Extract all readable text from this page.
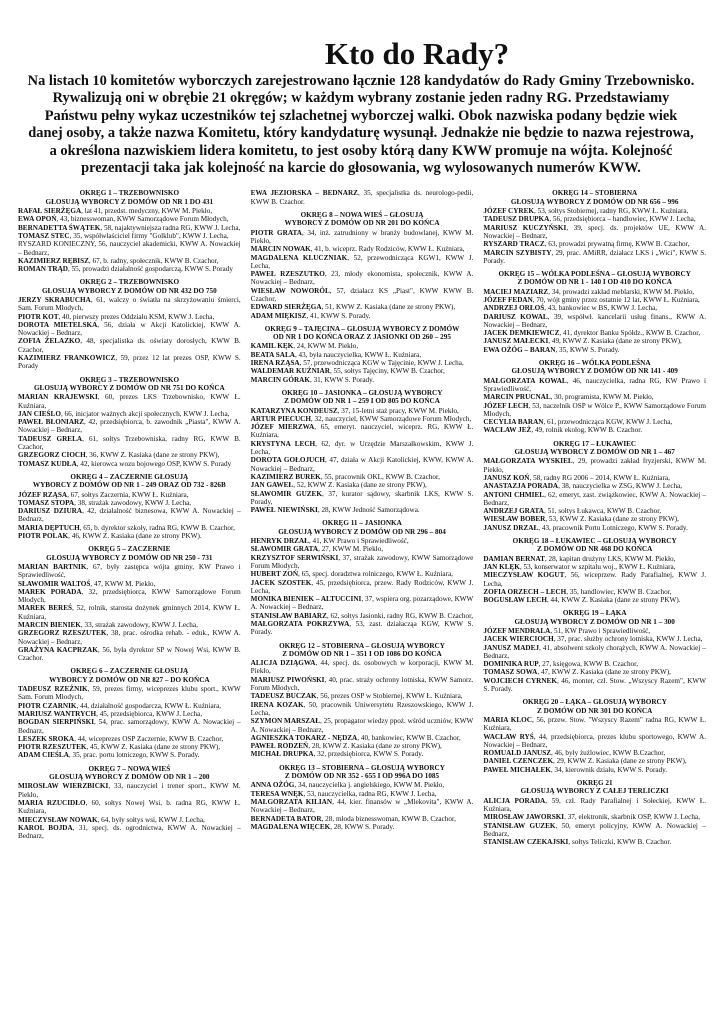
Kto do Rady?
Na listach 10 komitetów wyborczych zarejestrowano łącznie 128 kandydatów do Rady Gminy Trzebownisko. Rywalizują oni w obrębie 21 okręgów; w każdym wybrany zostanie jeden radny RG. Przedstawiamy Państwu pełny wykaz uczestników tej szlachetnej wyborczej walki. Obok nazwiska podany będzie wiek danej osoby, a także nazwa Komitetu, który kandydaturę wysunął. Jednakże nie będzie to nazwa rejestrowa, a określona nazwiskiem lidera komitetu, to jest osoby którą dany KWW promuje na wójta. Kolejność prezentacji taka jak kolejność na karcie do głosowania, wg wylosowanych numerów KWW.
OKRĘG 1 – TRZEBOWNISKO
GŁOSUJĄ WYBORCY Z DOMÓW OD NR 1 DO 431

RAFAŁ SIERŻĘGA, lat 41, przedst. medyczny, KWW M. Piekło,

EWA OPOŃ, 43, biznesswoman, KWW Samorządowe Forum Młodych,

BERNADETTA ŚWĄTEK, 58, najaktywniejsza radna RG, KWW J. Lecha,

TOMASZ STEC, 35, współwłaściciel firmy "Golklub", KWW J. Lecha,

RYSZARD KONIECZNY, 56, nauczyciel akademicki, KWW A. Nowackiej – Bednarz,

KAZIMIERZ RĘBISZ, 67, b. radny, społecznik, KWW B. Czachor,

ROMAN TRĄD, 55, prowadzi działalność gospodarczą, KWW S. Porady

OKRĘG 2 – TRZEBOWNISKO
GŁOSUJĄ WYBORCY Z DOMÓW OD NR 432 DO 750

JERZY SKRABUCHA, 61, walczy o światła na skrzyżowaniu śmierci, Sam. Forum Młodych,

PIOTR KOT, 40, pierwszy prezes Oddziału KSM, KWW J. Lecha,

DOROTA MIETELSKA, 56, działa w Akcji Katolickiej, KWW A. Nowackiej – Bednarz,

ZOFIA ŻELAZKO, 48, specjalistka ds. oświaty dorosłych, KWW B. Czachor,

KAZIMIERZ FRANKOWICZ, 59, przez 12 lat prezes OSP, KWW S. Porady

OKRĘG 3 – TRZEBOWNISKO
GŁOSUJĄ WYBORCY Z DOMÓW OD NR 751 DO KOŃCA

MARIAN KRAJEWSKI, 60, prezes LKS Trzebownisko, KWW Ł. Kuźniara,

JAN CIEŚLO, 66, inicjator ważnych akcji społecznych, KWW J. Lecha,

PAWEŁ BŁONIARZ, 42, przedsiębiorca, b. zawodnik „Piasta", KWW A. Nowackiej – Bednarz,

TADEUSZ GRELA, 61, sołtys Trzebowniska, radny RG, KWW B. Czachor,

GRZEGORZ CIOCH, 36, KWW Z. Kasiaka (dane ze strony PKW),

TOMASZ KUDŁA, 42, kierowca wozu bojowego OSP, KWW S. Porady

OKRĘG 4 – ZACZERNIE GŁOSUJĄ
WYBORCY Z DOMÓW OD NR 1 - 249 ORAZ OD 732 - 826B

JÓZEF RZĄSA, 67, sołtys Zaczernia, KWW Ł. Kuźniara,

TOMASZ STOPA, 38, strażak zawodowy, KWW J. Lecha,

DARIUSZ DZIURA, 42, działalność biznesowa, KWW A. Nowackiej – Bednarz,

MARIA DĘPTUCH, 65, b. dyrektor szkoły, radna RG, KWW B. Czachor,

PIOTR POLAK, 46, KWW Z. Kasiaka (dane ze strony PKW).

OKRĘG 5 – ZACZERNIE
GŁOSUJĄ WYBORCY Z DOMÓW OD NR 250 - 731

MARIAN BARTNIK, 67, były zastępca wójta gminy, KW Prawo i Sprawiedliwość,

SŁAWOMIR WALTOŚ, 47, KWW M. Piekło,

MAREK PORADA, 32, przedsiębiorca, KWW Samorządowe Forum Młodych,

MAREK BEREŚ, 52, rolnik, starosta dożynek gminnych 2014, KWW Ł. Kuźniara,

MARCIN BIENIEK, 33, strażak zawodowy, KWW J. Lecha,

GRZEGORZ RZESZUTEK, 38, prac. ośrodka rehab. - eduk., KWW A. Nowackiej – Bednarz,

GRAŻYNA KACPRZAK, 56, była dyrektor SP w Nowej Wsi, KWW B. Czachor.

OKRĘG 6 – ZACZERNIE GŁOSUJĄ
WYBORCY Z DOMÓW OD NR 827 – DO KOŃCA

TADEUSZ RZEŹNIK, 59, prezes firmy, wiceprezes klubu sport., KWW Sam. Forum Młodych,

PIOTR CZARNIK, 44, działalność gospodarcza, KWW Ł. Kuźniara,

MARIUSZ WANTRYCH, 45, przedsiębiorca, KWW J. Lecha,

BOGDAN SIERPIŃSKI, 54, prac. samorządowy, KWW A. Nowackiej – Bednarz,

LESZEK SROKA, 44, wiceprezes OSP Zaczernie, KWW B. Czachor,

PIOTR RZESZUTEK, 45, KWW Z. Kasiaka (dane ze strony PKW),

ADAM CIEŚLA, 35, prac. portu lotniczego, KWW S. Porady.

OKRĘG 7 – NOWA WIEŚ
GŁOSUJĄ WYBORCY Z DOMÓW OD NR 1 – 200

MIROSŁAW WIERZBICKI, 33, nauczyciel i trener sport., KWW M. Piekło,

MARIA RZUCIDŁO, 60, sołtys Nowej Wsi, b. radna RG, KWW Ł. Kuźniara,

MIECZYSŁAW NOWAK, 64, były sołtys wsi, KWW J. Lecha,

KAROL BOJDA, 31, specj. ds. ogrodnictwa, KWW A. Nowackiej – Bednarz,

EWA JEZIORSKA – BEDNARZ, 35, specjalistka ds. neurologo-pedii, KWW B. Czachor.

OKRĘG 8 – NOWA WIEŚ – GŁOSUJĄ
WYBORCY Z DOMÓW OD NR 201 DO KOŃCA

PIOTR GRATA, 34, inż. zatrudniony w branży budowlanej, KWW M. Piekło,

MARCIN NOWAK, 41, b. wiceprz. Rady Rodziców, KWW Ł. Kuźniara,

MAGDALENA KLUCZNIAK, 52, przewodnicząca KGW1, KWW J. Lecha,

PAWEŁ RZESZUTKO, 23, młody ekonomista, społecznik, KWW A. Nowackiej – Bednarz,

WIESŁAW NOWORÓL, 57, działacz KS „Piast", KWW KWW B. Czachor,

EDWARD SIERŻĘGA, 51, KWW Z. Kasiaka (dane ze strony PKW),

ADAM MIĘKISZ, 41, KWW S. Porady.

OKRĘG 9 – TAJĘCINA – GŁOSUJĄ WYBORCY Z DOMÓW
OD NR 1 DO KOŃCA ORAZ Z JASIONKI OD 260 – 295

KAMIL KĘK, 24, KWW M. Piekło,

BEATA SALA, 43, była nauczycielka, KWW Ł. Kuźniara,

IRENA RZĄSA, 57, przewodnicząca KGW w Tajęcinie, KWW J. Lecha,

WALDEMAR KUŹNIAR, 55, sołtys Tajęciny, KWW B. Czachor,

MARCIN GÓRAK, 31, KWW S. Porady.

OKRĘG 10 – JASIONKA – GŁOSUJĄ WYBORCY
Z DOMÓW OD NR 1 – 259 I OD 805 DO KOŃCA

KATARZYNA KONDEUSZ, 37, 15-letni staż pracy, KWW M. Piekło,

ARTUR PIECUCH, 32, nauczyciel, KWW Samorządowe Forum Młodych,

JÓZEF MIERZWA, 65, emeryt. nauczyciel, wiceprz. RG, KWW Ł. Kuźniara,

KRYSTYNA LECH, 62, dyr. w Urzędzie Marszałkowskim, KWW J. Lecha,

DOROTA GOŁOJUCH, 47, działa w Akcji Katolickiej, KWW, KWW A. Nowackiej – Bednarz,

KAZIMIERZ BUREK, 55, pracownik OKL, KWW B. Czachor,

JAN GAWEŁ, 52, KWW Z. Kasiaka (dane ze strony PKW),

SŁAWOMIR GUZEK, 37, kurator sądowy, skarbnik LKS, KWW S. Porady,

PAWEŁ NIEWIŃSKI, 28, KWW Jedność Samorządowa.

OKRĘG 11 – JASIONKA
GŁOSUJĄ WYBORCY Z DOMÓW OD NR 296 – 804

HENRYK DRZAŁ, 41, KW Prawo i Sprawiedliwość,

SŁAWOMIR GRATA, 27, KWW M. Piekło,

KRZYSZTOF SERWIŃSKI, 37, strażak zawodowy, KWW Samorządowe Forum Młodych,

HUBERT ZOŃ, 65, specj. doradztwa rolniczego, KWW Ł. Kuźniara,

JACEK SZOSTEK, 45, przedsiębiorca, przew. Rady Rodziców, KWW J. Lecha,

MONIKA BIENIEK – ALTUCCINI, 37, wspiera org. pozarządowe, KWW A. Nowackiej – Bednarz,

STANISŁAW BABIARZ, 62, sołtys Jasionki, radny RG, KWW B. Czachor,

MAŁGORZATA POKRZYWA, 53, zast. działacząa KGW, KWW S. Porady.

OKRĘG 12 – STOBIERNA – GŁOSUJĄ WYBORCY
Z DOMÓW OD NR 1 – 351 I OD 1086 DO KOŃCA

ALICJA DZIĄGWA, 44, specj. ds. osobowych w korporacji, KWW M. Piekło,

MARIUSZ PIWOŃSKI, 40, prac. straży ochrony lotniska, KWW Samorz. Forum Młodych,

TADEUSZ BUCZAK, 56, prezes OSP w Stobiernej, KWW Ł. Kuźniara,

IRENA KOZAK, 50, pracownik Uniwersytetu Rzeszowskiego, KWW J. Lecha,

SZYMON MARSZAŁ, 25, propagator wiedzy ppoż. wśród uczniów, KWW A. Nowackiej – Bednarz,

AGNIESZKA TOKARZ - NĘDZA, 40, bankowiec, KWW B. Czachor,

PAWEŁ RODZEŃ, 28, KWW Z. Kasiaka (dane ze strony PKW),

MICHAŁ DRUPKA, 32, przedsiębiorca, KWW S. Porady.

OKRĘG 13 – STOBIERNA – GŁOSUJĄ WYBORCY
Z DOMÓW OD NR 352 - 655 I OD 996A DO 1085

ANNA OŻÓG, 34, nauczycielka j. angielskiego, KWW M. Piekło,

TERESA WNĘK, 53, nauczycielka, radna RG, KWW J. Lecha,

MAŁGORZATA KILIAN, 44, kier. finansów w „Mlekovita", KWW A. Nowackiej – Bednarz,

BERNADETA BATOR, 28, młoda biznesswoman, KWW B. Czachor,

MAGDALENA WIĘCEK, 28, KWW S. Porady.

OKRĘG 14 – STOBIERNA
GŁOSUJĄ WYBORCY Z DOMÓW OD NR 656 – 996

JÓZEF CYREK, 53, sołtys Stobiernej, radny RG, KWW Ł. Kuźniara,

TADEUSZ DRUPKA, 56, przedsiębiorca – handlowiec, KWW J. Lecha,

MARIUSZ KUCZYŃSKI, 39, specj. ds. projektów UE, KWW A. Nowackiej – Bednarz,

RYSZARD TRACZ, 63, prowadzi prywatną firmę, KWW B. Czachor,

MARCIN SZYBISTY, 29, prac. AMiRR, działacz LKS i „Wici", KWW S. Porady.

OKRĘG 15 – WÓLKA PODLEŚNA – GŁOSUJĄ WYBORCY
Z DOMÓW OD NR 1 - 140 I OD 410 DO KOŃCA

MACIEJ MAZIARZ, 34, prowadzi zakład meblarski, KWW M. Piekło,

JÓZEF FEDAN, 70, wójt gminy przez ostatnie 12 lat, KWW Ł. Kuźniara,

ANDRZEJ ORŁOŚ, 43, bankowiec w BS, KWW J. Lecha,

DARIUSZ KOWAL, 39, współwł. kancelarii usług finans., KWW A. Nowackiej – Bednarz,

JACEK DEMKIEWICZ, 41, dyrektor Banku Spółdz., KWW B. Czachor,

JANUSZ MAŁECKI, 49, KWW Z. Kasiaka (dane ze strony PKW),

EWA OŻÓG – BARAN, 35, KWW S. Porady.

OKRĘG 16 – WÓLKA PODLEŚNA
GŁOSUJĄ WYBORCY Z DOMÓW OD NR 141 - 409

MAŁGORZATA KOWAL, 46, nauczycielka, radna RG, KW Prawo i Sprawiedliwość,

MARCIN PRUCNAL, 30, programista, KWW M. Piekło,

JÓZEF LECH, 53, naczelnik OSP w Wólce P., KWW Samorządowe Forum Młodych,

CECYLIA BARAN, 61, przewodnicząca KGW, KWW J. Lecha,

WACŁAW JEŻ, 49, rolnik ekolog, KWW B. Czachor.

OKRĘG 17 – ŁUKAWIEC
GŁOSUJĄ WYBORCY Z DOMÓW OD NR 1 – 467

MAŁGORZATA WYSKIEL, 29, prowadzi zakład fryzjerski, KWW M. Piekło,

JANUSZ KOŃ, 58, radny RG 2006 – 2014, KWW Ł. Kuźniara,

ANASTAZJA PORADA, 38, nauczycielka w ZSG, KWW J. Lecha,

ANTONI CHMIEL, 62, emeryt, zast. związkowiec, KWW A. Nowackiej – Bednarz,

ANDRZEJ GRATA, 51, sołtys Łukawca, KWW B. Czachor,

WIESŁAW BOBER, 53, KWW Z. Kasiaka (dane ze strony PKW),

JANUSZ DRZAŁ, 43, pracownik Portu Lotniczego, KWW S. Porady.

OKRĘG 18 – ŁUKAWIEC – GŁOSUJĄ WYBORCY
Z DOMÓW OD NR 468 DO KOŃCA

DAMIAN BERNAT, 28, kapitan drużyny LKS, KWW M. Piekło,

JAN KLĘK, 53, konserwator w szpitalu woj., KWW Ł. Kuźniara,

MIECZYSŁAW KOGUT, 56, wiceprzew. Rady Parafialnej, KWW J. Lecha,

ZOFIA ORZECH – LECH, 35, handlowiec, KWW B. Czachor,

BOGUSŁAW LECH, 44, KWW Z. Kasiaka (dane ze strony PKW).

OKRĘG 19 – ŁĄKA
GŁOSUJĄ WYBORCY Z DOMÓW OD NR 1 – 300

JÓZEF MENDRALA, 51, KW Prawo i Sprawiedliwość,

JACEK WIERCIOCH, 37, prac. służby ochrony lotniska, KWW J. Lecha,

JANUSZ MADEJ, 41, absolwent szkoły chorążych, KWW A. Nowackiej – Bednarz,

DOMINIKA RUP, 27, księgowa, KWW B. Czachor,

TOMASZ SOWA, 47, KWW Z. Kasiaka (dane ze strony PKW),

WOJCIECH CYRNEK, 46, monter, czł. Stow. „Wszyscy Razem", KWW S. Porady.

OKRĘG 20 – ŁĄKA – GŁOSUJĄ WYBORCY
Z DOMÓW OD NR 301 DO KOŃCA

MARIA KLOC, 56, przew. Stow. "Wszyscy Razem" radna RG, KWW Ł. Kuźniara,

WACŁAW RYŚ, 44, przedsiębiorca, prezes klubu sportowego, KWW A. Nowackiej – Bednarz,

ROMUALD JANUSZ, 46, były żużlowiec, KWW B.Czachor,

DANIEL CZENCZEK, 29, KWW Z. Kasiaka (dane ze strony PKW),

PAWEŁ MICHAŁEK, 34, kierownik działu, KWW S. Porady.

OKRĘG 21
GŁOSUJĄ WYBORCY Z CAŁEJ TERLICZKI

ALICJA PORADA, 59, czł. Rady Parafialnej i Sołeckiej, KWW Ł. Kuźniara,

MIROSŁAW JAWORSKI, 37, elektronik, skarbnik OSP, KWW J. Lecha,

STANISŁAW GUZEK, 50, emeryt policyjny, KWW A. Nowackiej – Bednarz,

STANISŁAW CZEKAJSKI, sołtys Teliczki, KWW B. Czachor.
